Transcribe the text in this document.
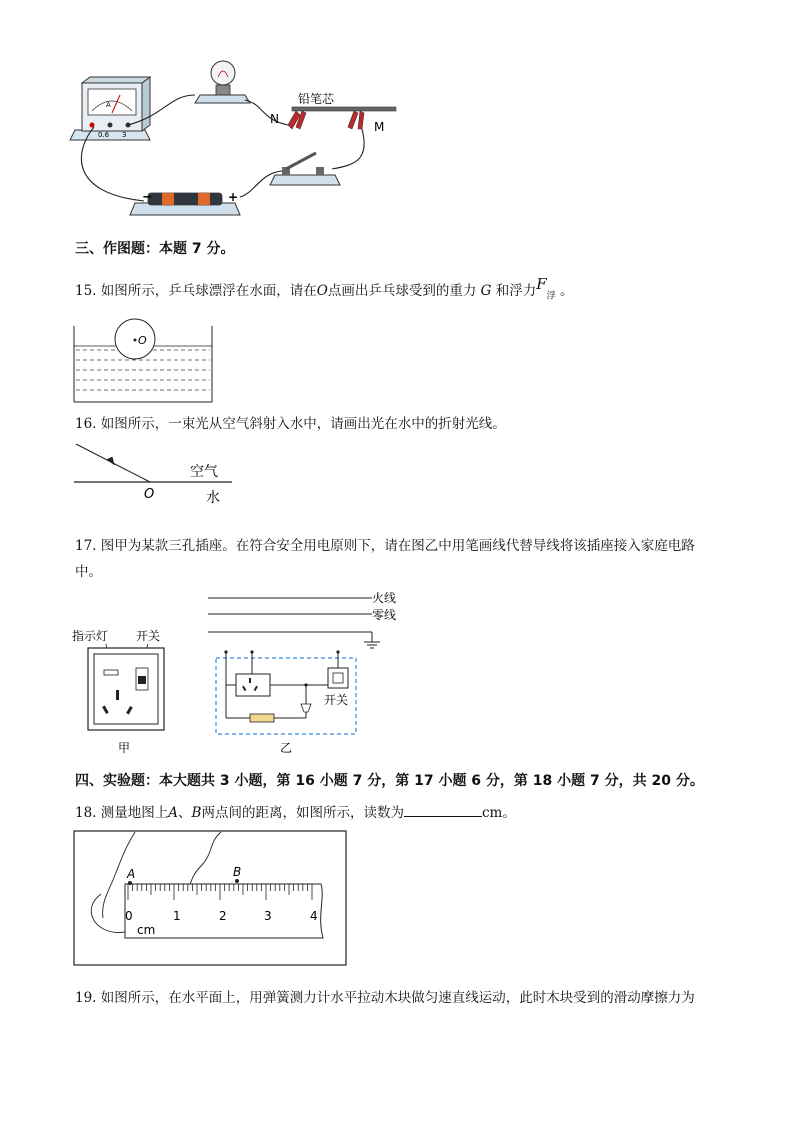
A
0.6 3
铅笔芯
N
M
−	+
三、作图题：本题 7 分。
15. 如图所示，乒乓球漂浮在水面，请在O点画出乒乓球受到的重力 G 和浮力$F_浮$ 。
O
16. 如图所示，一束光从空气斜射入水中，请画出光在水中的折射光线。
O
空气
水
17. 图甲为某款三孔插座。在符合安全用电原则下，请在图乙中用笔画线代替导线将该插座接入家庭电路
中。
指示灯 开关
甲
火线
零线
开关
乙
四、实验题：本大题共 3 小题，第 16 小题 7 分，第 17 小题 6 分，第 18 小题 7 分，共 20 分。
18. 测量地图上A、B两点间的距离，如图所示，读数为	cm。
0	1	2	3	4
cm
A	B
19. 如图所示，在水平面上，用弹簧测力计水平拉动木块做匀速直线运动，此时木块受到的滑动摩擦力为
